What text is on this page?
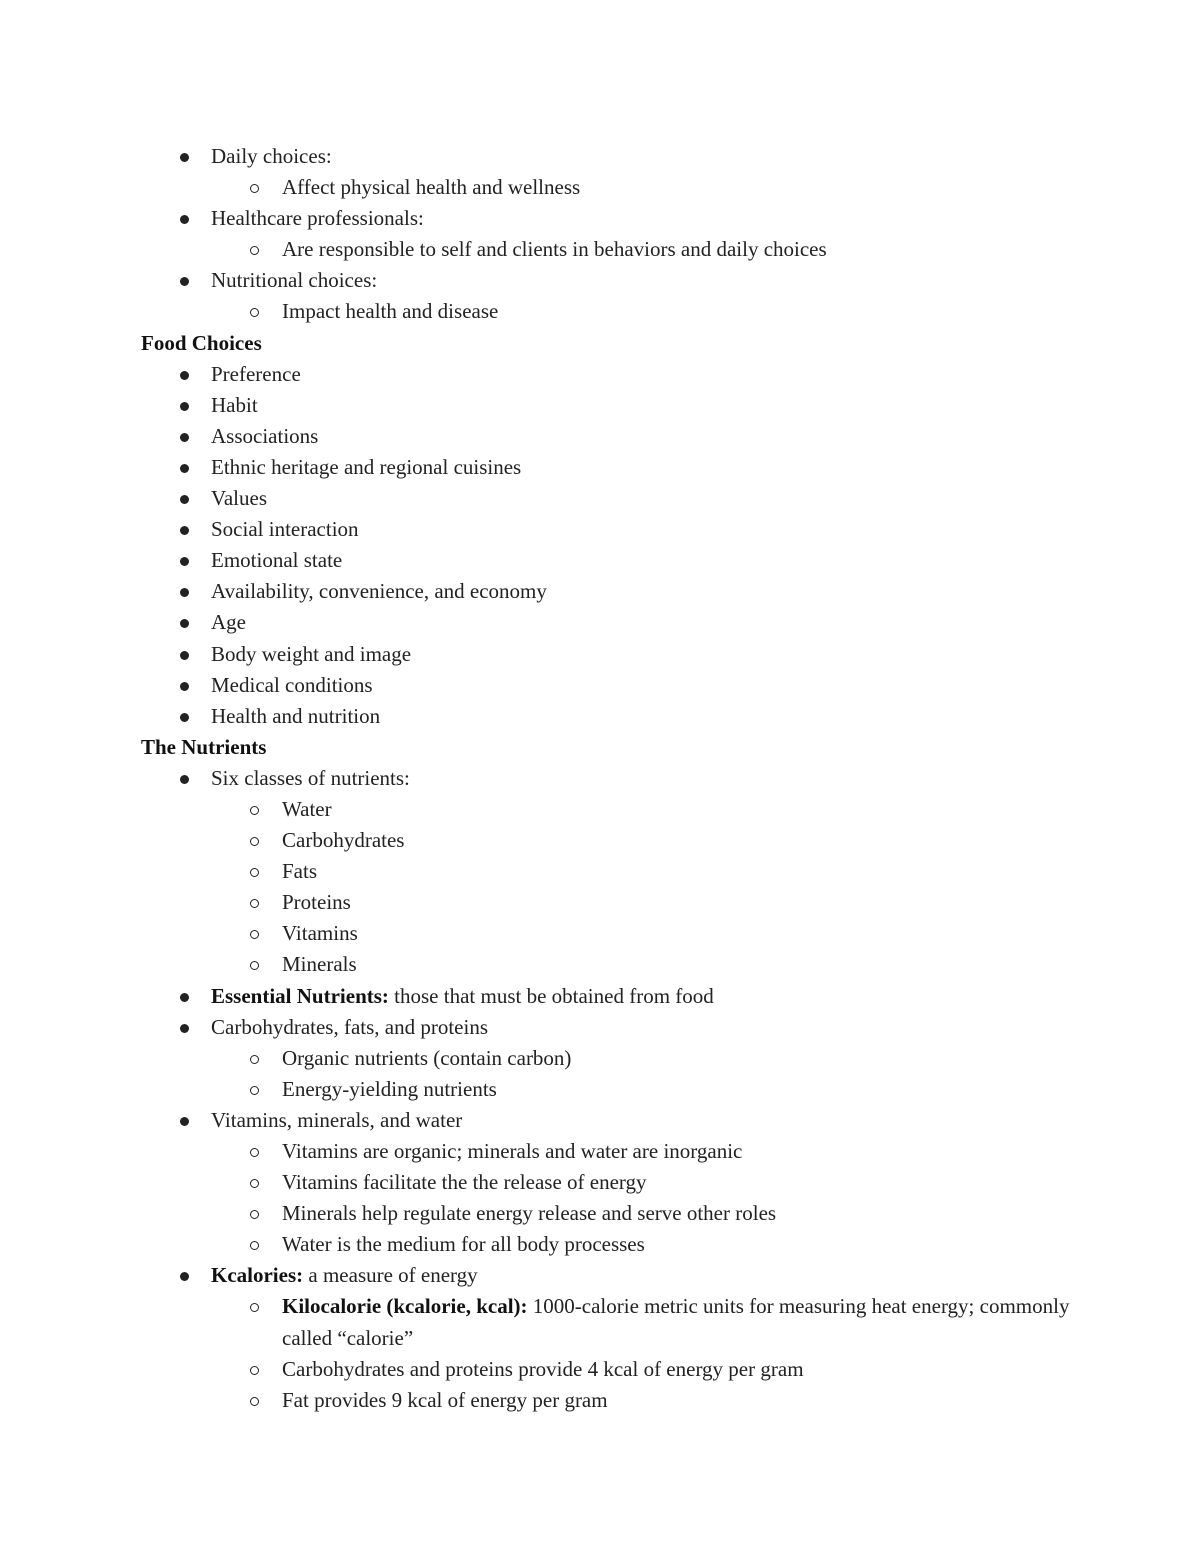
Daily choices:
Affect physical health and wellness
Healthcare professionals:
Are responsible to self and clients in behaviors and daily choices
Nutritional choices:
Impact health and disease
Food Choices
Preference
Habit
Associations
Ethnic heritage and regional cuisines
Values
Social interaction
Emotional state
Availability, convenience, and economy
Age
Body weight and image
Medical conditions
Health and nutrition
The Nutrients
Six classes of nutrients:
Water
Carbohydrates
Fats
Proteins
Vitamins
Minerals
Essential Nutrients: those that must be obtained from food
Carbohydrates, fats, and proteins
Organic nutrients (contain carbon)
Energy-yielding nutrients
Vitamins, minerals, and water
Vitamins are organic; minerals and water are inorganic
Vitamins facilitate the the release of energy
Minerals help regulate energy release and serve other roles
Water is the medium for all body processes
Kcalories: a measure of energy
Kilocalorie (kcalorie, kcal): 1000-calorie metric units for measuring heat energy; commonly called “calorie”
Carbohydrates and proteins provide 4 kcal of energy per gram
Fat provides 9 kcal of energy per gram
